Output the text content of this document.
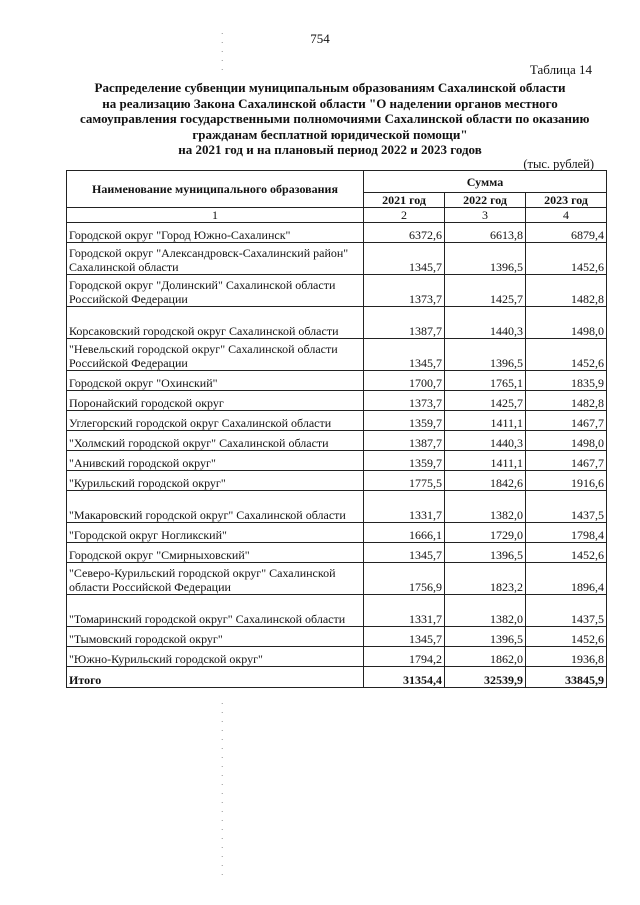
754
Таблица 14
Распределение субвенции муниципальным образованиям Сахалинской области
на реализацию Закона Сахалинской области "О наделении органов местного
самоуправления государственными полномочиями Сахалинской области по оказанию
гражданам бесплатной юридической помощи"
на 2021 год и на плановый период 2022 и 2023 годов
(тыс. рублей)
Наименование муниципального образования	Сумма		
	2021 год	2022 год	2023 год
1	2	3	4
Городской округ "Город Южно-Сахалинск"	6372,6	6613,8	6879,4
Городской округ "Александровск-Сахалинский район" Сахалинской области	1345,7	1396,5	1452,6
Городской округ "Долинский" Сахалинской области Российской Федерации	1373,7	1425,7	1482,8
Корсаковский городской округ Сахалинской области	1387,7	1440,3	1498,0
"Невельский городской округ" Сахалинской области Российской Федерации	1345,7	1396,5	1452,6
Городской округ "Охинский"	1700,7	1765,1	1835,9
Поронайский городской округ	1373,7	1425,7	1482,8
Углегорский городской округ Сахалинской области	1359,7	1411,1	1467,7
"Холмский городской округ" Сахалинской области	1387,7	1440,3	1498,0
"Анивский городской округ"	1359,7	1411,1	1467,7
"Курильский городской округ"	1775,5	1842,6	1916,6
"Макаровский городской округ" Сахалинской области	1331,7	1382,0	1437,5
"Городской округ Ногликский"	1666,1	1729,0	1798,4
Городской округ "Смирныховский"	1345,7	1396,5	1452,6
"Северо-Курильский городской округ" Сахалинской области Российской Федерации	1756,9	1823,2	1896,4
"Томаринский городской округ" Сахалинской области	1331,7	1382,0	1437,5
"Тымовский городской округ"	1345,7	1396,5	1452,6
"Южно-Курильский городской округ"	1794,2	1862,0	1936,8
Итого	31354,4	32539,9	33845,9
·
·
·
·
·
·
·
·
·
·
·
·
·
·
·
·
·
·
·
·
·
·
·
·
·
